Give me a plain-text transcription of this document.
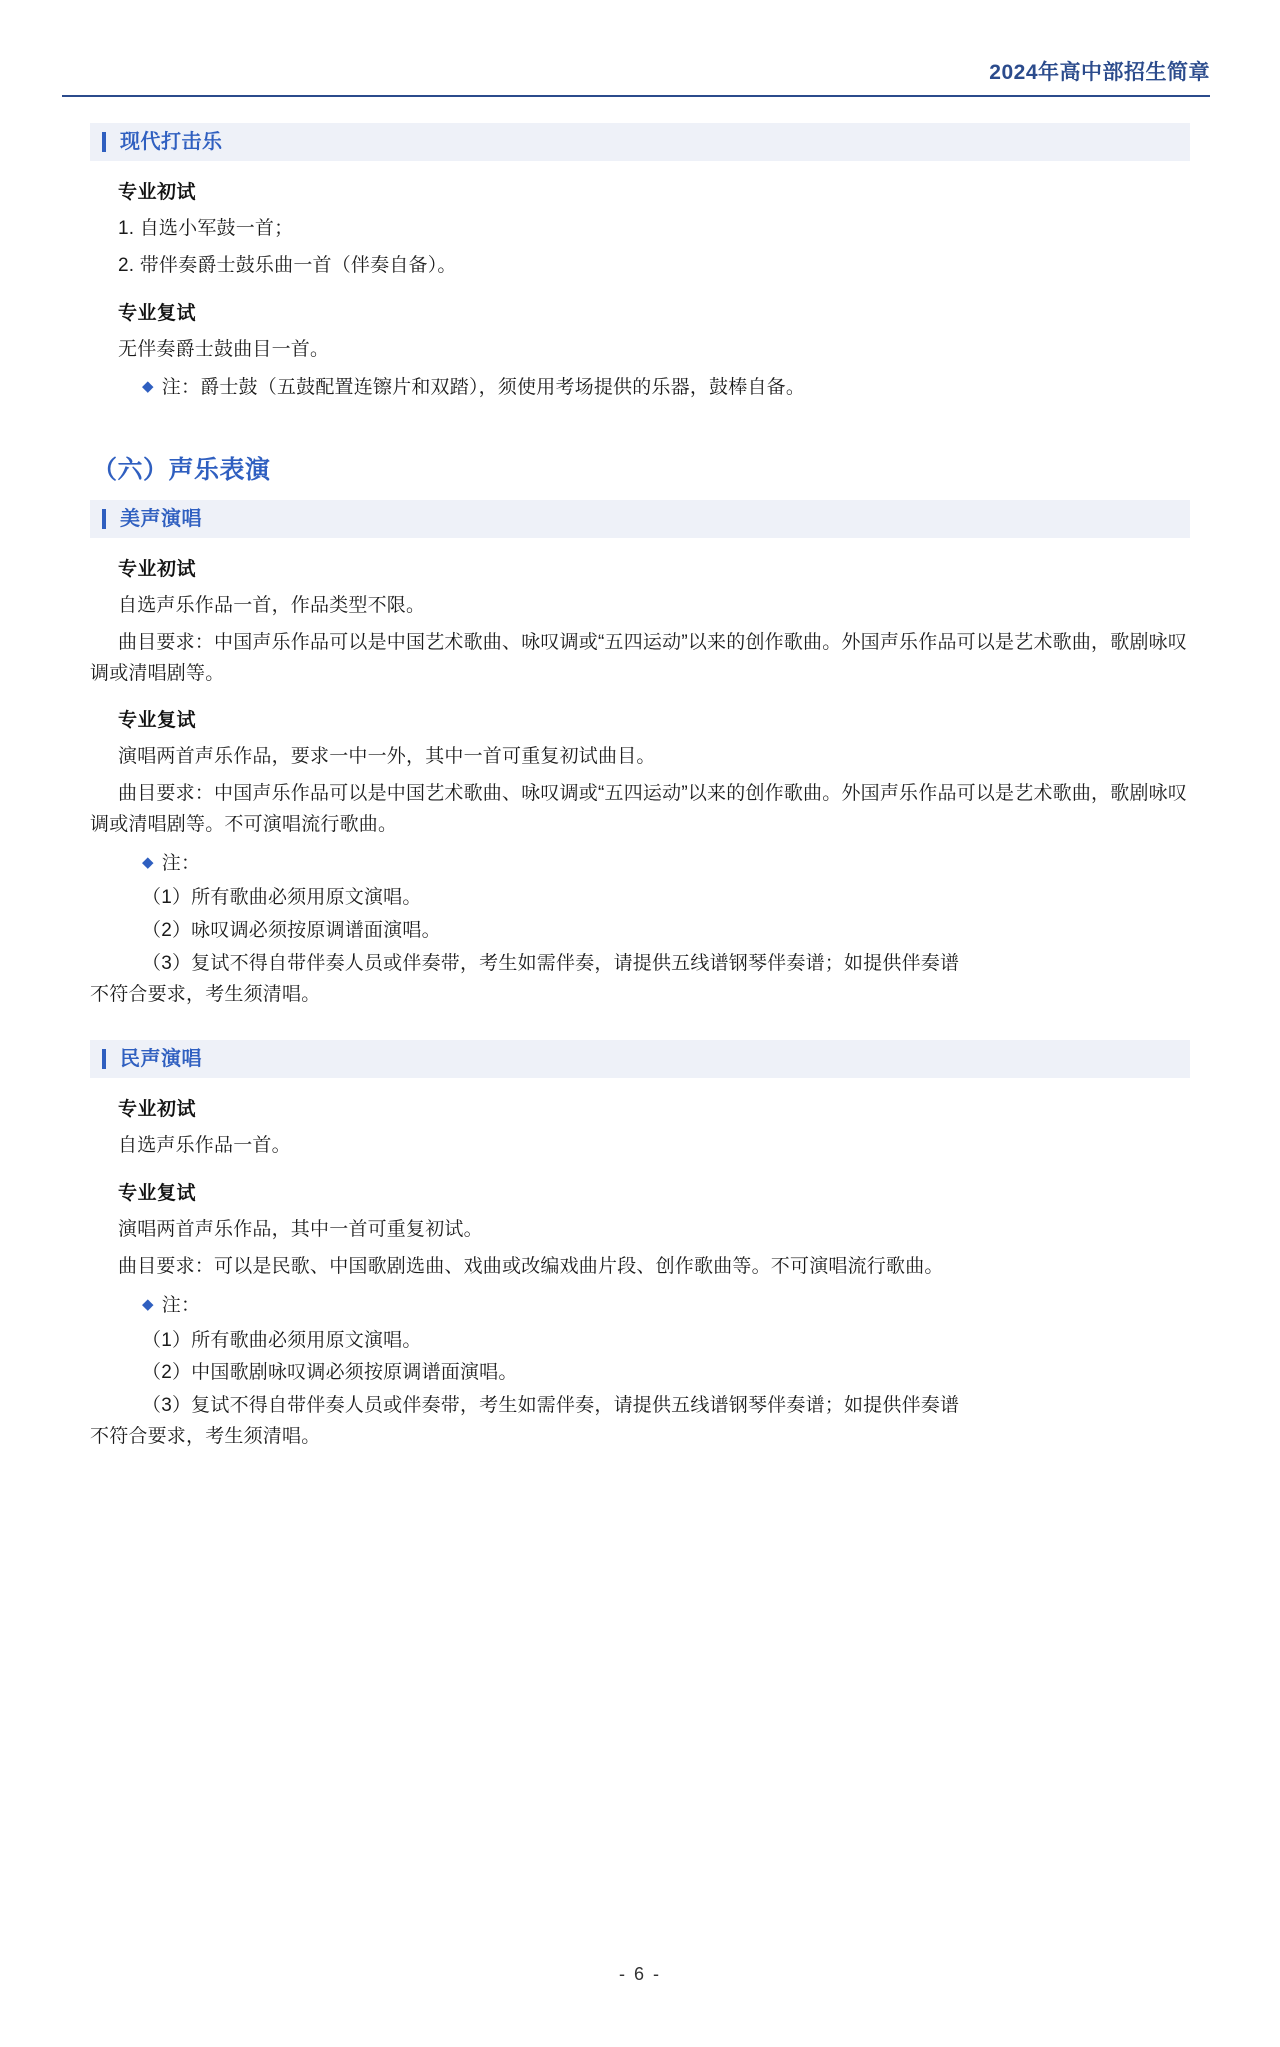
2024年高中部招生简章
现代打击乐
专业初试
1. 自选小军鼓一首；
2. 带伴奏爵士鼓乐曲一首（伴奏自备）。
专业复试
无伴奏爵士鼓曲目一首。
◆ 注：爵士鼓（五鼓配置连镲片和双踏），须使用考场提供的乐器，鼓棒自备。
（六）声乐表演
美声演唱
专业初试
自选声乐作品一首，作品类型不限。
曲目要求：中国声乐作品可以是中国艺术歌曲、咏叹调或“五四运动”以来的创作歌曲。外国声乐作品可以是艺术歌曲，歌剧咏叹调或清唱剧等。
专业复试
演唱两首声乐作品，要求一中一外，其中一首可重复初试曲目。
曲目要求：中国声乐作品可以是中国艺术歌曲、咏叹调或“五四运动”以来的创作歌曲。外国声乐作品可以是艺术歌曲，歌剧咏叹调或清唱剧等。不可演唱流行歌曲。
◆ 注：
（1）所有歌曲必须用原文演唱。
（2）咏叹调必须按原调谱面演唱。
（3）复试不得自带伴奏人员或伴奏带，考生如需伴奏，请提供五线谱钢琴伴奏谱；如提供伴奏谱
不符合要求，考生须清唱。
民声演唱
专业初试
自选声乐作品一首。
专业复试
演唱两首声乐作品，其中一首可重复初试。
曲目要求：可以是民歌、中国歌剧选曲、戏曲或改编戏曲片段、创作歌曲等。不可演唱流行歌曲。
◆ 注：
（1）所有歌曲必须用原文演唱。
（2）中国歌剧咏叹调必须按原调谱面演唱。
（3）复试不得自带伴奏人员或伴奏带，考生如需伴奏，请提供五线谱钢琴伴奏谱；如提供伴奏谱
不符合要求，考生须清唱。
- 6 -
